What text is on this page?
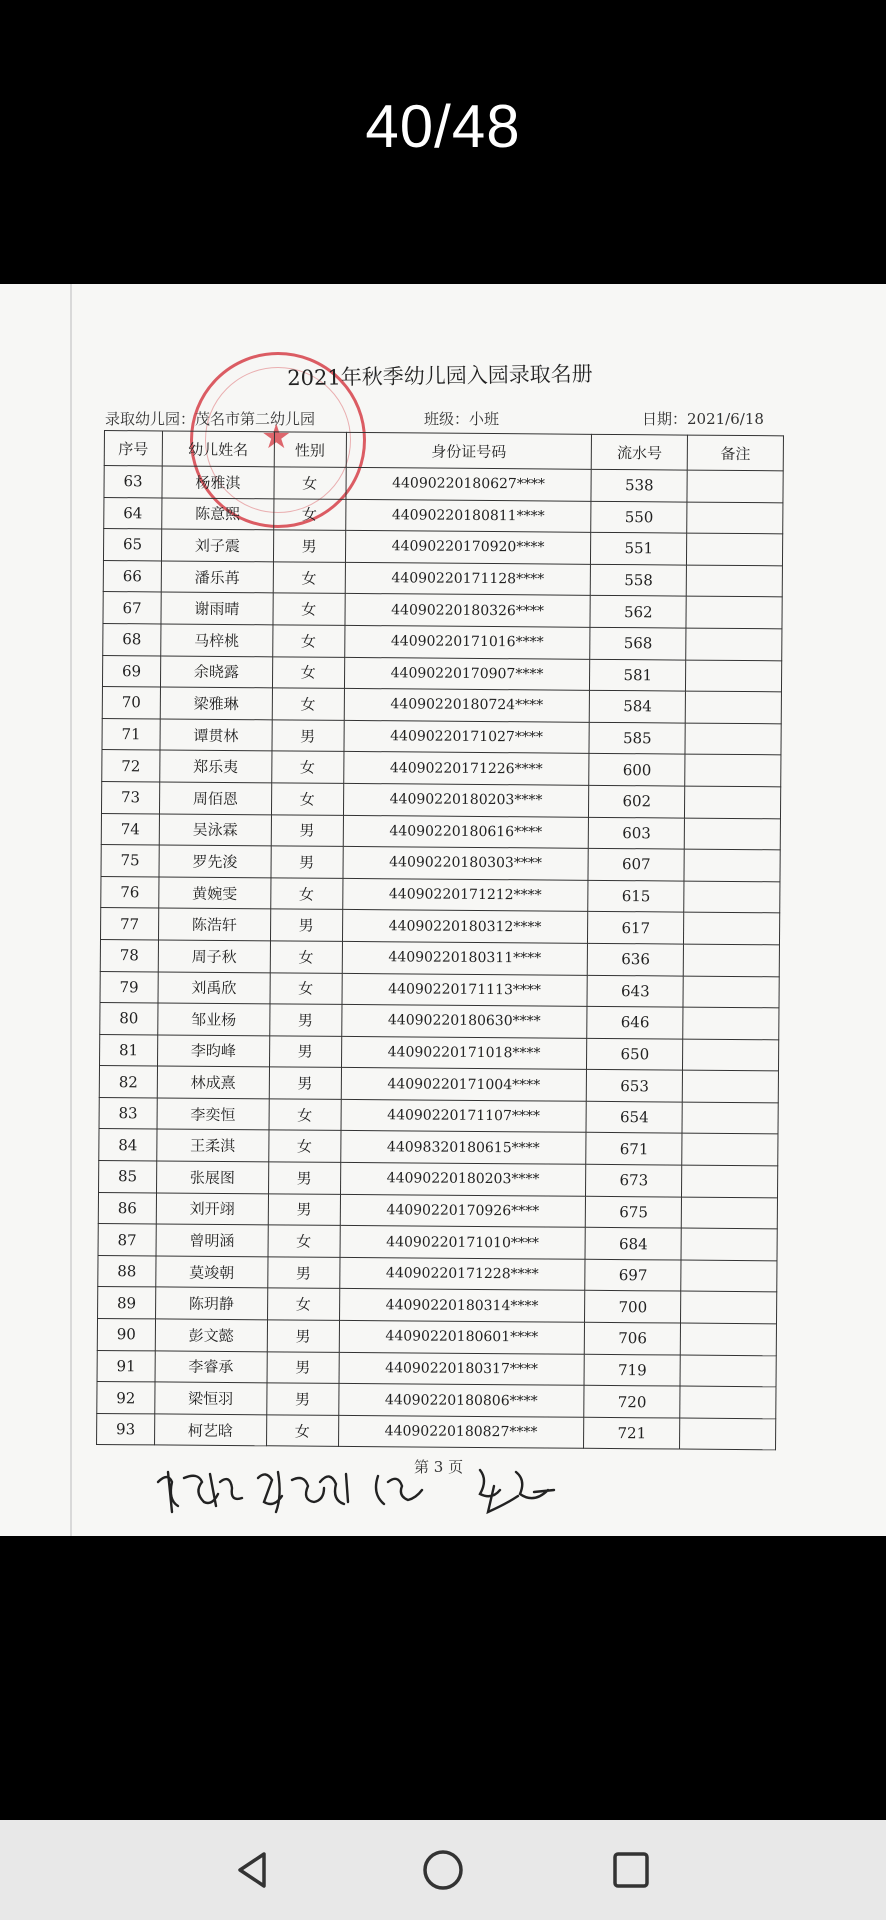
40/48
★
2021年秋季幼儿园入园录取名册
录取幼儿园：茂名市第二幼儿园	班级：小班	日期：2021/6/18
序号	幼儿姓名	性别	身份证号码	流水号	备注
63	杨雅淇	女	44090220180627****	538	
64	陈意熙	女	44090220180811****	550	
65	刘子震	男	44090220170920****	551	
66	潘乐苒	女	44090220171128****	558	
67	谢雨晴	女	44090220180326****	562	
68	马梓桃	女	44090220171016****	568	
69	余晓露	女	44090220170907****	581	
70	梁雅琳	女	44090220180724****	584	
71	谭贯林	男	44090220171027****	585	
72	郑乐夷	女	44090220171226****	600	
73	周佰恩	女	44090220180203****	602	
74	吴泳霖	男	44090220180616****	603	
75	罗先浚	男	44090220180303****	607	
76	黄婉雯	女	44090220171212****	615	
77	陈浩轩	男	44090220180312****	617	
78	周子秋	女	44090220180311****	636	
79	刘禹欣	女	44090220171113****	643	
80	邹业杨	男	44090220180630****	646	
81	李昀峰	男	44090220171018****	650	
82	林成熹	男	44090220171004****	653	
83	李奕恒	女	44090220171107****	654	
84	王柔淇	女	44098320180615****	671	
85	张展图	男	44090220180203****	673	
86	刘开翊	男	44090220170926****	675	
87	曾明涵	女	44090220171010****	684	
88	莫竣朝	男	44090220171228****	697	
89	陈玥静	女	44090220180314****	700	
90	彭文懿	男	44090220180601****	706	
91	李睿承	男	44090220180317****	719	
92	梁恒羽	男	44090220180806****	720	
93	柯艺晗	女	44090220180827****	721	
第 3 页
